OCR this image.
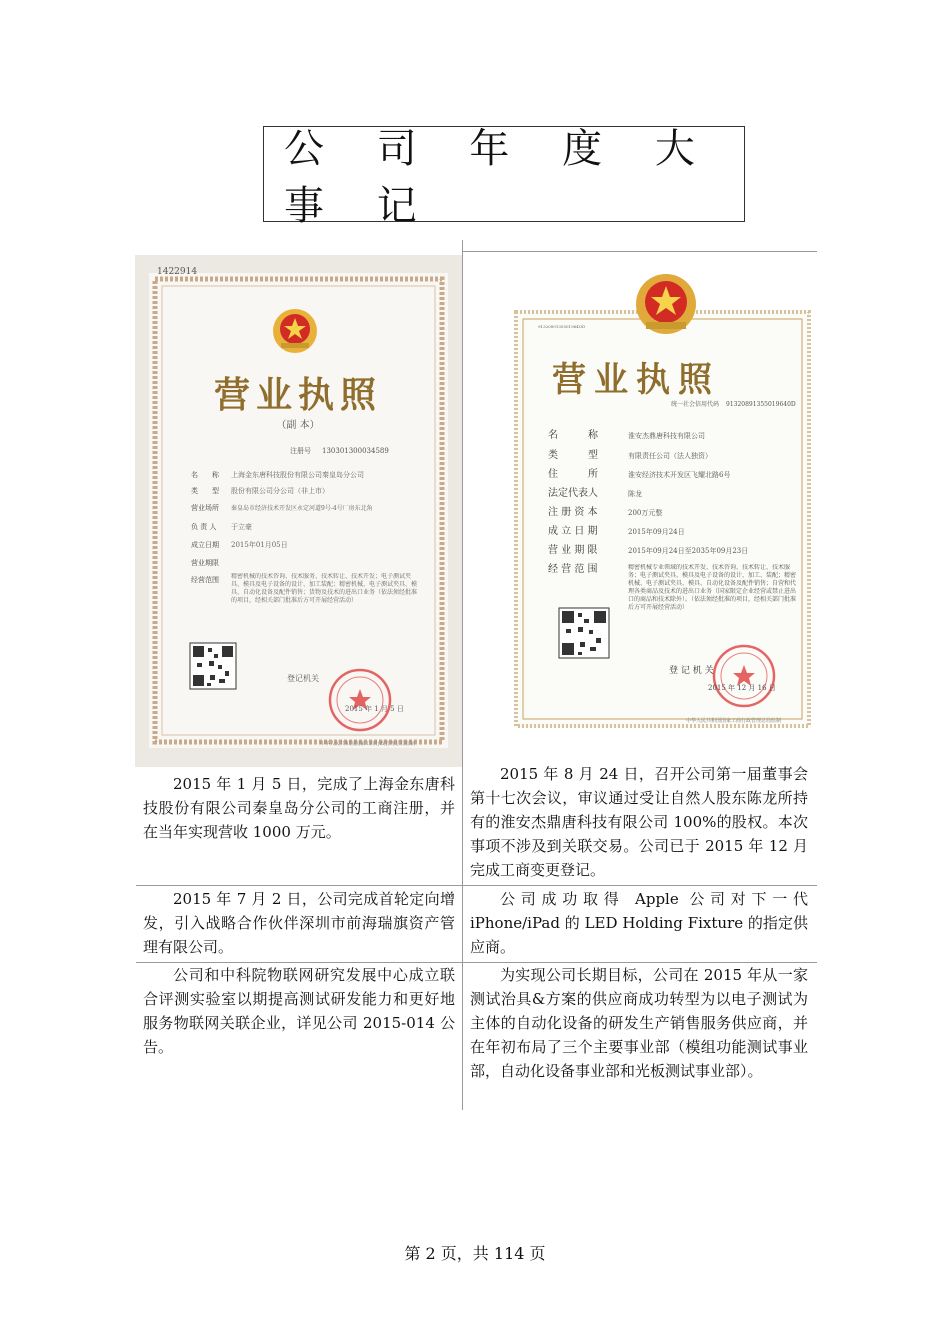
公 司 年 度 大 事 记
1422914
营业执照
（副 本）
注册号 130301300034589
名　　称 上海金东唐科技股份有限公司秦皇岛分公司
类　　型 股份有限公司分公司（非上市）
营业场所 秦皇岛市经济技术开发区永定河道9号-4号厂房东北角
负 责 人 于立豪
成立日期 2015年01月05日
营业期限
经营范围 精密机械的技术咨询、技术服务、技术转让、技术开发；电子测试夹具、模具及电子设备的设计、加工装配；精密机械、电子测试夹具、模具、自动化设备及配件销售；货物及技术的进出口业务（依法须经批准的项目，经相关部门批准后方可开展经营活动）
登记机关
2015 年 1 月 5 日
中华人民共和国国家工商行政管理总局监制
9132089135501964OD
营业执照
统一社会信用代码 91320891355019640D
名　　　称	淮安杰鼎唐科技有限公司
类　　　型	有限责任公司（法人独资）
住　　　所	淮安经济技术开发区飞耀北路6号
法定代表人	陈龙
注 册 资 本	200万元整
成 立 日 期	2015年09月24日
营 业 期 限	2015年09月24日至2035年09月23日
经 营 范 围	精密机械专业领域的技术开发、技术咨询、技术转让、技术服务；电子测试夹具、模具及电子设备的设计、加工、装配；精密机械、电子测试夹具、模具、自动化设备及配件销售；自营和代理各类商品及技术的进出口业务（国家限定企业经营或禁止进出口的商品和技术除外）。（依法须经批准的项目，经相关部门批准后方可开展经营活动）
登 记 机 关
2015 年 12 月 16 日
中华人民共和国国家工商行政管理总局监制
2015 年 1 月 5 日，完成了上海金东唐科技股份有限公司秦皇岛分公司的工商注册，并在当年实现营收 1000 万元。
2015 年 8 月 24 日，召开公司第一届董事会第十七次会议，审议通过受让自然人股东陈龙所持有的淮安杰鼎唐科技有限公司 100%的股权。本次事项不涉及到关联交易。公司已于 2015 年 12 月完成工商变更登记。
2015 年 7 月 2 日，公司完成首轮定向增发，引入战略合作伙伴深圳市前海瑞旗资产管理有限公司。
公司成功取得 Apple 公司对下一代 iPhone/iPad 的 LED Holding Fixture 的指定供应商。
公司和中科院物联网研究发展中心成立联合评测实验室以期提高测试研发能力和更好地服务物联网关联企业，详见公司 2015-014 公告。
为实现公司长期目标，公司在 2015 年从一家测试治具&方案的供应商成功转型为以电子测试为主体的自动化设备的研发生产销售服务供应商，并在年初布局了三个主要事业部（模组功能测试事业部，自动化设备事业部和光板测试事业部）。
第 2 页，共 114 页
